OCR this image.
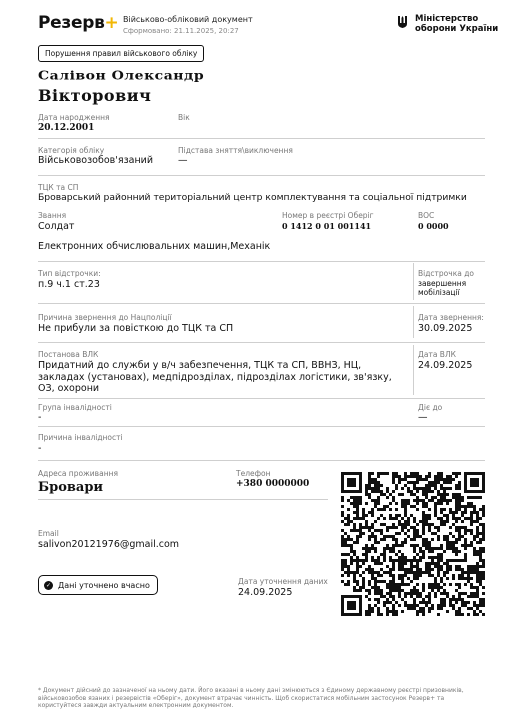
Резерв+ Військово-обліковий документ
Сформовано: 21.11.2025, 20:27
Міністерство
оборони України
Порушення правил військового обліку
Салівон Олександр
Вікторович
Дата народження
20.12.2001
Вік
Категорія обліку
Військовозобов'язаний
Підстава зняття\виключення
—
ТЦК та СП
Броварський районний територіальний центр комплектування та соціальної підтримки
Звання
Солдат
Номер в реєстрі Оберіг
0 1412 0 01 001141
ВОС
0 0000
Електронних обчислювальних машин,Механік
Тип відстрочки:
п.9 ч.1 ст.23
Відстрочка до
завершення мобілізації
Причина звернення до Нацполіції
Не прибули за повісткою до ТЦК та СП
Дата звернення:
30.09.2025
Постанова ВЛК
Придатний до служби у в/ч забезпечення, ТЦК та СП, ВВНЗ, НЦ, закладах (установах), медпідрозділах, підрозділах логістики, зв'язку, ОЗ, охорони
Дата ВЛК
24.09.2025
Група інвалідності
-
Діє до
—
Причина інвалідності
-
Адреса проживання
Бровари
Телефон
+380 0000000
Email
salivon20121976@gmail.com
✓ Дані уточнено вчасно	Дата уточнення даних
24.09.2025
* Документ дійсний до зазначеної на ньому дати. Його вказані в ньому дані змінюються з Єдиному державному реєстрі призовників, військовозобов язаних і резервістів «Оберіг», документ втрачає чинність. Щоб скористатися мобільним застосунок Резерв+ та користуйтеся завжди актуальним електронним документом.
